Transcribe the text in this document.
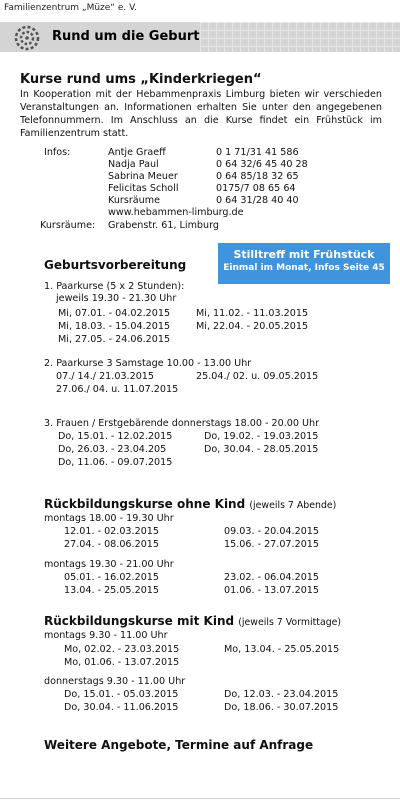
Familienzentrum „Müze“ e. V.
Rund um die Geburt
Kurse rund ums „Kinderkriegen“
In Kooperation mit der Hebammenpraxis Limburg bieten wir verschieden Veranstaltungen an. Informationen erhalten Sie unter den angegebenen Telefonnummern. Im Anschluss an die Kurse findet ein Frühstück im Familienzentrum statt.
Infos:	Antje Graeff	0 1 71/31 41 586
Nadja Paul	0 64 32/6 45 40 28
Sabrina Meuer	0 64 85/18 32 65
Felicitas Scholl	0175/7 08 65 64
Kursräume	0 64 31/28 40 40
www.hebammen-limburg.de
Kursräume: Grabenstr. 61, Limburg
Stilltreff mit Frühstück
Einmal im Monat, Infos Seite 45
Geburtsvorbereitung
1. Paarkurse (5 x 2 Stunden):
jeweils 19.30 - 21.30 Uhr
Mi, 07.01. - 04.02.2015	Mi, 11.02. - 11.03.2015
Mi, 18.03. - 15.04.2015	Mi, 22.04. - 20.05.2015
Mi, 27.05. - 24.06.2015
2. Paarkurse 3 Samstage 10.00 - 13.00 Uhr
07./ 14./ 21.03.2015	25.04./ 02. u. 09.05.2015
27.06./ 04. u. 11.07.2015
3. Frauen / Erstgebärende donnerstags 18.00 - 20.00 Uhr
Do, 15.01. - 12.02.2015	Do, 19.02. - 19.03.2015
Do, 26.03. - 23.04.205	Do, 30.04. - 28.05.2015
Do, 11.06. - 09.07.2015
Rückbildungskurse ohne Kind (jeweils 7 Abende)
montags 18.00 - 19.30 Uhr
12.01. - 02.03.2015	09.03. - 20.04.2015
27.04. - 08.06.2015	15.06. - 27.07.2015
montags 19.30 - 21.00 Uhr
05.01. - 16.02.2015	23.02. - 06.04.2015
13.04. - 25.05.2015	01.06. - 13.07.2015
Rückbildungskurse mit Kind (jeweils 7 Vormittage)
montags 9.30 - 11.00 Uhr
Mo, 02.02. - 23.03.2015	Mo, 13.04. - 25.05.2015
Mo, 01.06. - 13.07.2015
donnerstags 9.30 - 11.00 Uhr
Do, 15.01. - 05.03.2015	Do, 12.03. - 23.04.2015
Do, 30.04. - 11.06.2015	Do, 18.06. - 30.07.2015
Weitere Angebote, Termine auf Anfrage
